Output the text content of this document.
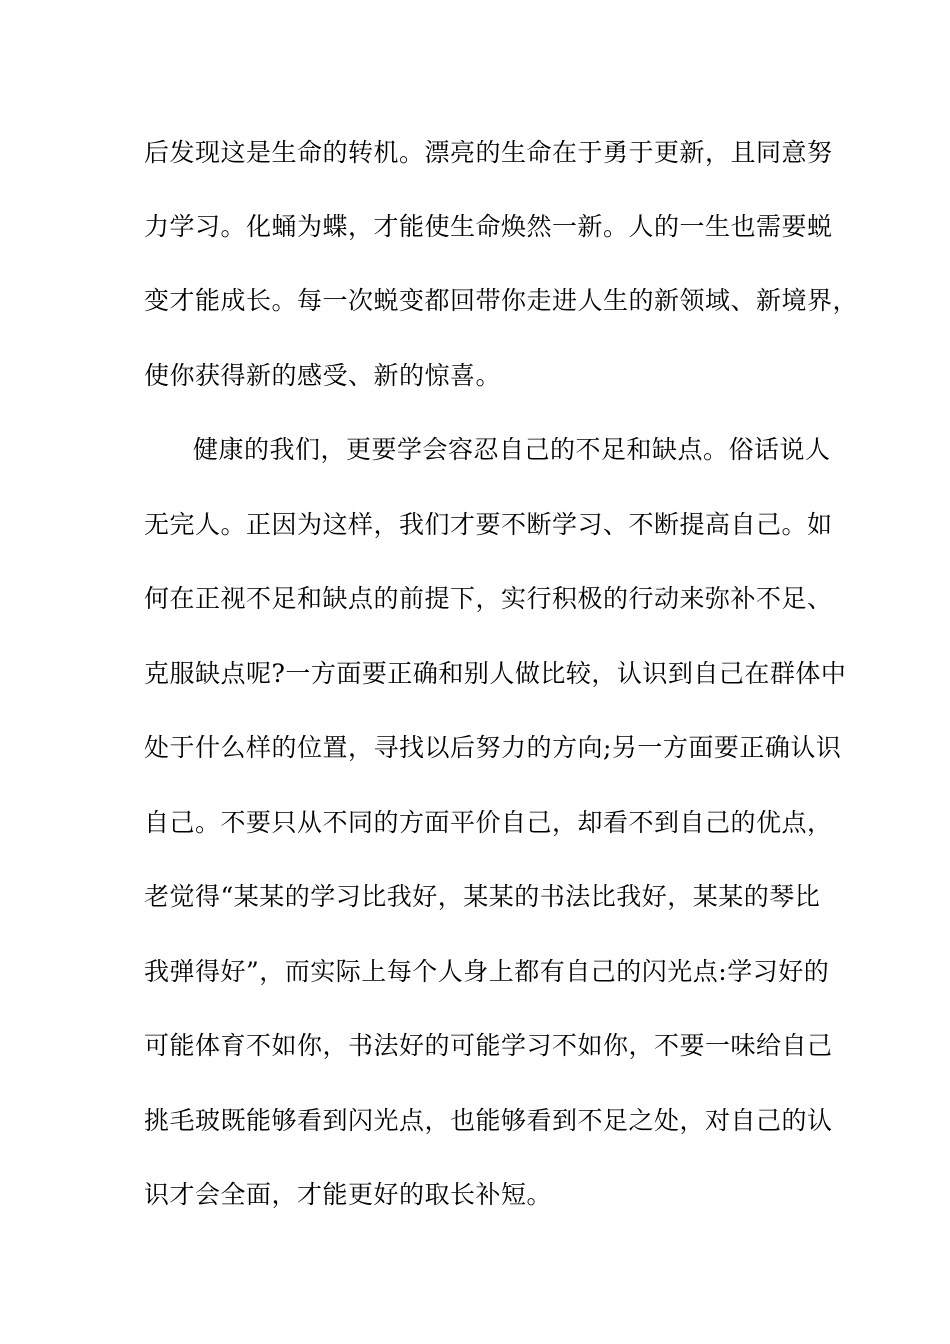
后发现这是生命的转机。漂亮的生命在于勇于更新，且同意努
力学习。化蛹为蝶，才能使生命焕然一新。人的一生也需要蜕
变才能成长。每一次蜕变都回带你走进人生的新领域、新境界，
使你获得新的感受、新的惊喜。
健康的我们，更要学会容忍自己的不足和缺点。俗话说人
无完人。正因为这样，我们才要不断学习、不断提高自己。如
何在正视不足和缺点的前提下，实行积极的行动来弥补不足、
克服缺点呢?一方面要正确和别人做比较，认识到自己在群体中
处于什么样的位置，寻找以后努力的方向;另一方面要正确认识
自己。不要只从不同的方面平价自己，却看不到自己的优点，
老觉得“某某的学习比我好，某某的书法比我好，某某的琴比
我弹得好”，而实际上每个人身上都有自己的闪光点:学习好的
可能体育不如你，书法好的可能学习不如你，不要一味给自己
挑毛玻既能够看到闪光点，也能够看到不足之处，对自己的认
识才会全面，才能更好的取长补短。
